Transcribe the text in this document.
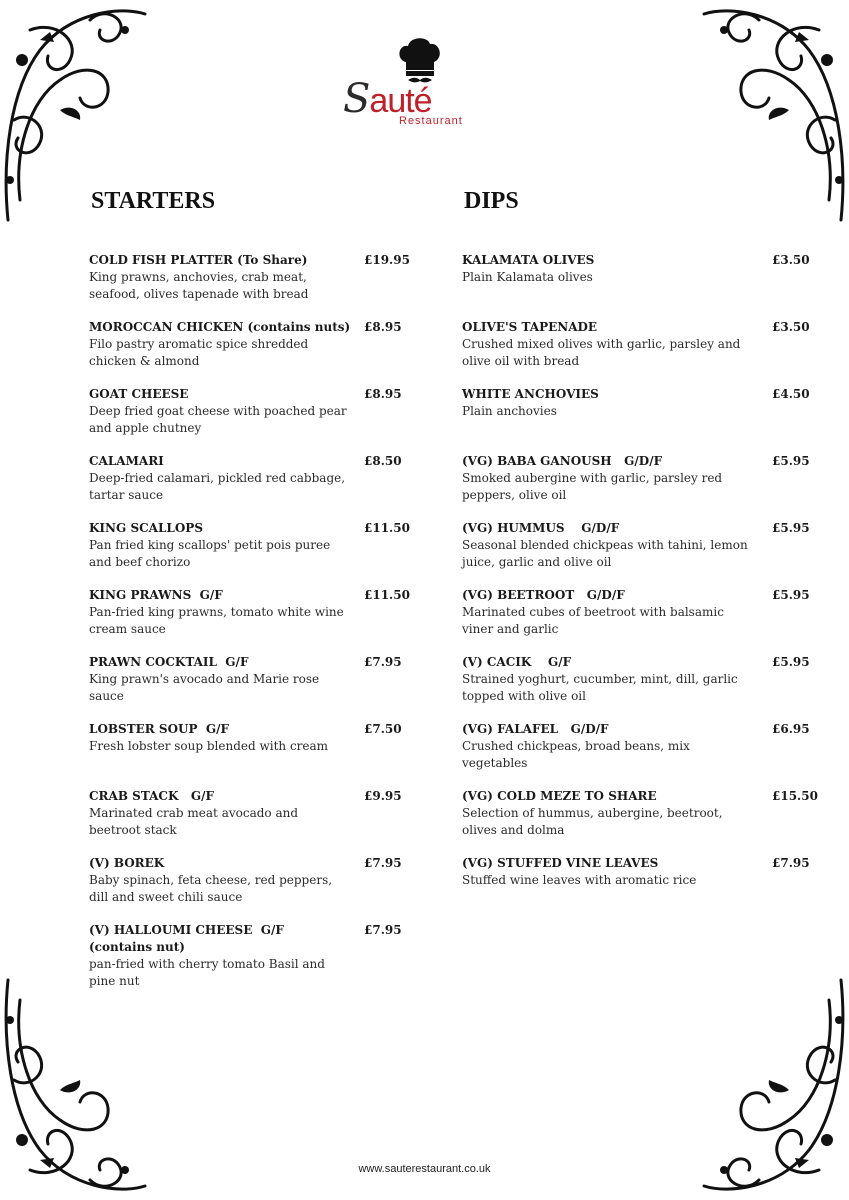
Sauté
Restaurant
STARTERS	DIPS
COLD FISH PLATTER (To Share)
King prawns, anchovies, crab meat, seafood, olives tapenade with bread
£19.95
MOROCCAN CHICKEN (contains nuts)
Filo pastry aromatic spice shredded chicken & almond
£8.95
GOAT CHEESE
Deep fried goat cheese with poached pear and apple chutney
£8.95
CALAMARI
Deep-fried calamari, pickled red cabbage, tartar sauce
£8.50
KING SCALLOPS
Pan fried king scallops' petit pois puree and beef chorizo
£11.50
KING PRAWNS  G/F
Pan-fried king prawns, tomato white wine cream sauce
£11.50
PRAWN COCKTAIL  G/F
King prawn's avocado and Marie rose sauce
£7.95
LOBSTER SOUP  G/F
Fresh lobster soup blended with cream
£7.50
CRAB STACK   G/F
Marinated crab meat avocado and beetroot stack
£9.95
(V) BOREK
Baby spinach, feta cheese, red peppers, dill and sweet chili sauce
£7.95
(V) HALLOUMI CHEESE  G/F
(contains nut)
pan-fried with cherry tomato Basil and pine nut
£7.95
KALAMATA OLIVES
Plain Kalamata olives
£3.50
OLIVE'S TAPENADE
Crushed mixed olives with garlic, parsley and olive oil with bread
£3.50
WHITE ANCHOVIES
Plain anchovies
£4.50
(VG) BABA GANOUSH   G/D/F
Smoked aubergine with garlic, parsley red peppers, olive oil
£5.95
(VG) HUMMUS    G/D/F
Seasonal blended chickpeas with tahini, lemon juice, garlic and olive oil
£5.95
(VG) BEETROOT   G/D/F
Marinated cubes of beetroot with balsamic viner and garlic
£5.95
(V) CACIK    G/F
Strained yoghurt, cucumber, mint, dill, garlic topped with olive oil
£5.95
(VG) FALAFEL   G/D/F
Crushed chickpeas, broad beans, mix vegetables
£6.95
(VG) COLD MEZE TO SHARE
Selection of hummus, aubergine, beetroot, olives and dolma
£15.50
(VG) STUFFED VINE LEAVES
Stuffed wine leaves with aromatic rice
£7.95
www.sauterestaurant.co.uk
